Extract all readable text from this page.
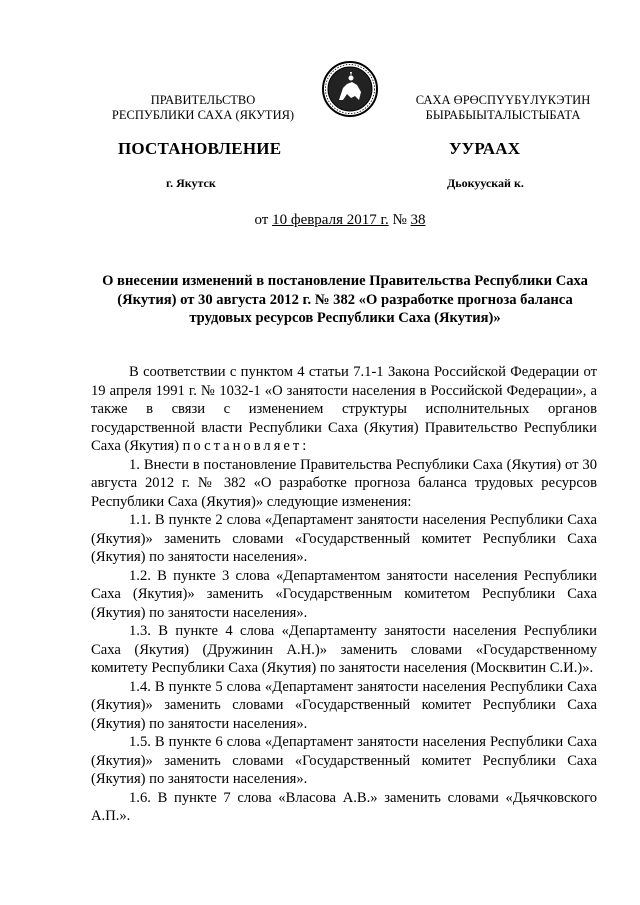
ПРАВИТЕЛЬСТВО
РЕСПУБЛИКИ САХА (ЯКУТИЯ)
САХА ӨРӨСПҮҮБҮЛҮКЭТИН
БЫРАБЫЫТАЛЫСТЫБАТА
ПОСТАНОВЛЕНИЕ	УУРААХ
г. Якутск	Дьокуускай к.
от 10 февраля 2017 г. № 38
О внесении изменений в постановление Правительства Республики Саха (Якутия) от 30 августа 2012 г. № 382 «О разработке прогноза баланса трудовых ресурсов Республики Саха (Якутия)»

В соответствии с пунктом 4 статьи 7.1-1 Закона Российской Федерации от 19 апреля 1991 г. № 1032-1 «О занятости населения в Российской Федерации», а также в связи с изменением структуры исполнительных органов государственной власти Республики Саха (Якутия) Правительство Республики Саха (Якутия) постановляет:

1. Внести в постановление Правительства Республики Саха (Якутия) от 30 августа 2012 г. № 382 «О разработке прогноза баланса трудовых ресурсов Республики Саха (Якутия)» следующие изменения:

1.1. В пункте 2 слова «Департамент занятости населения Республики Саха (Якутия)» заменить словами «Государственный комитет Республики Саха (Якутия) по занятости населения».

1.2. В пункте 3 слова «Департаментом занятости населения Республики Саха (Якутия)» заменить «Государственным комитетом Республики Саха (Якутия) по занятости населения».

1.3. В пункте 4 слова «Департаменту занятости населения Республики Саха (Якутия) (Дружинин А.Н.)» заменить словами «Государственному комитету Республики Саха (Якутия) по занятости населения (Москвитин С.И.)».

1.4. В пункте 5 слова «Департамент занятости населения Республики Саха (Якутия)» заменить словами «Государственный комитет Республики Саха (Якутия) по занятости населения».

1.5. В пункте 6 слова «Департамент занятости населения Республики Саха (Якутия)» заменить словами «Государственный комитет Республики Саха (Якутия) по занятости населения».

1.6. В пункте 7 слова «Власова А.В.» заменить словами «Дьячковского А.П.».
